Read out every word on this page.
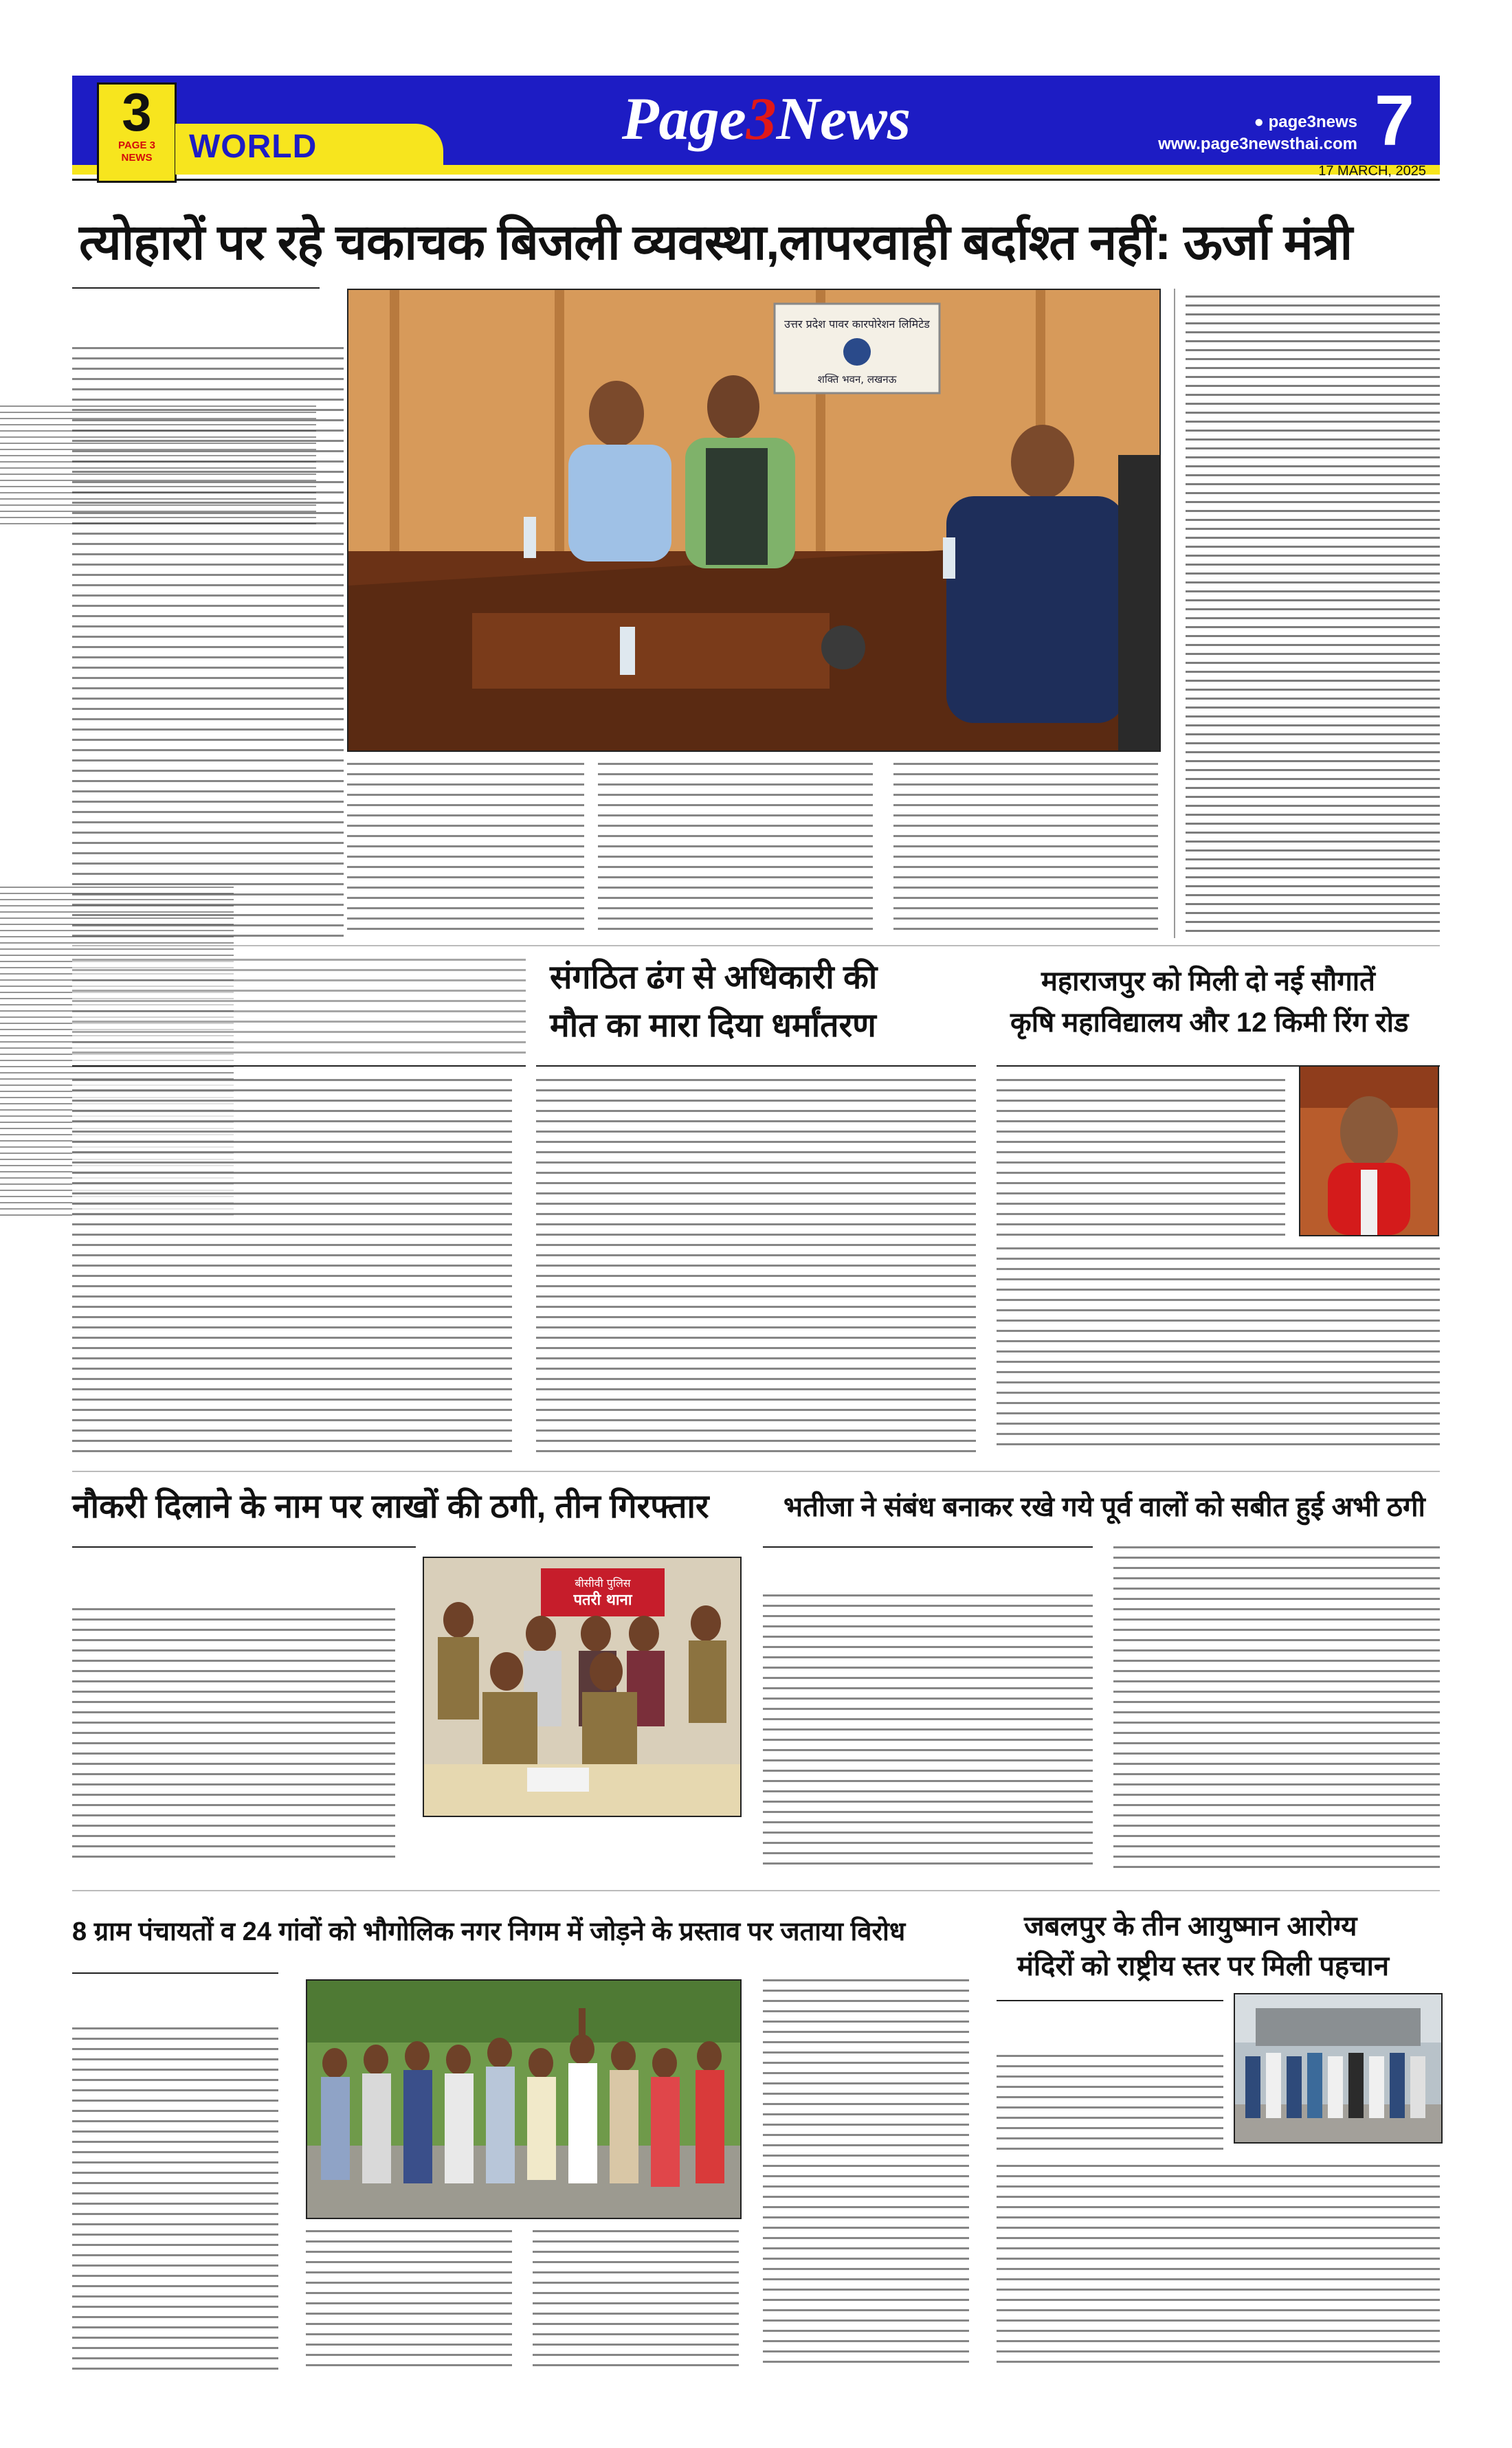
3
PAGE 3
NEWS	WORLD	Page3News	● page3news
www.page3newsthai.com 7
17 MARCH, 2025
त्योहारों पर रहे चकाचक बिजली व्यवस्था,लापरवाही बर्दाश्त नहीं: ऊर्जा मंत्री
उत्तर प्रदेश पावर कारपोरेशन लिमिटेड
शक्ति भवन, लखनऊ
संगठित ढंग से अधिकारी की
मौत का मारा दिया धर्मांतरण
महाराजपुर को मिली दो नई सौगातें
कृषि महाविद्यालय और 12 किमी रिंग रोड
नौकरी दिलाने के नाम पर लाखों की ठगी, तीन गिरफ्तार
बीसीवी पुलिस
पतरी थाना
भतीजा ने संबंध बनाकर रखे गये पूर्व वालों को सबीत हुई अभी ठगी
8 ग्राम पंचायतों व 24 गांवों को भौगोलिक नगर निगम में जोड़ने के प्रस्ताव पर जताया विरोध	जबलपुर के तीन आयुष्मान आरोग्य
मंदिरों को राष्ट्रीय स्तर पर मिली पहचान
